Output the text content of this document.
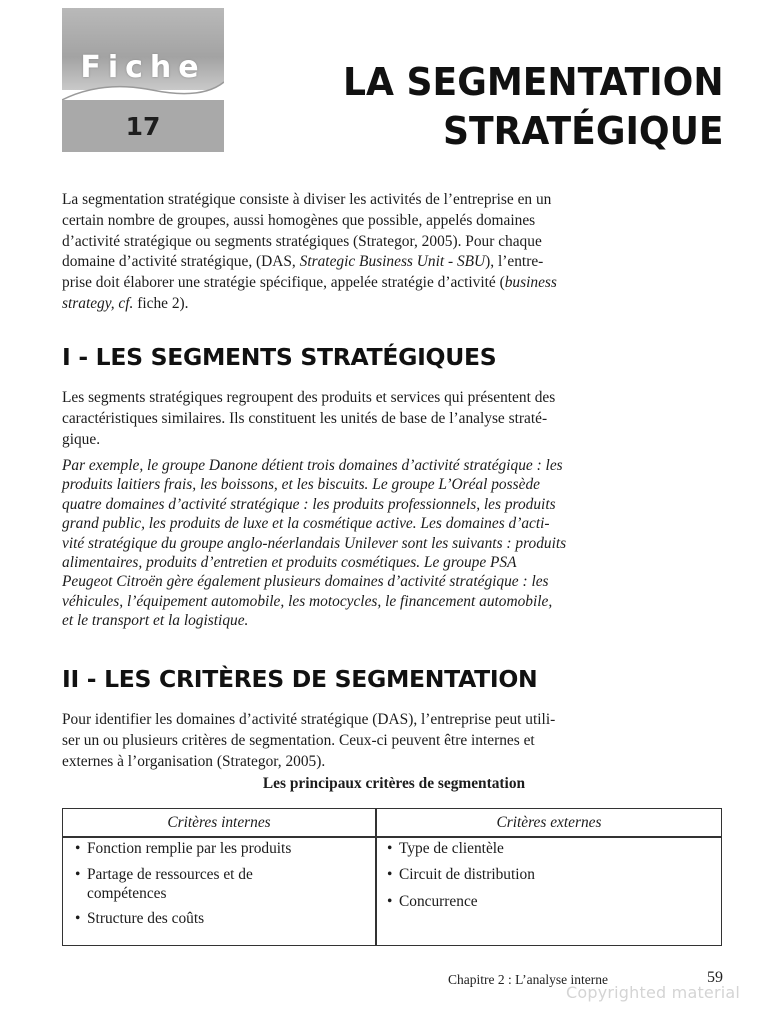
Fiche
17
LA SEGMENTATION
STRATÉGIQUE
La segmentation stratégique consiste à diviser les activités de l’entreprise en un
certain nombre de groupes, aussi homogènes que possible, appelés domaines
d’activité stratégique ou segments stratégiques (Strategor, 2005). Pour chaque
domaine d’activité stratégique, (DAS, Strategic Business Unit - SBU), l’entre-
prise doit élaborer une stratégie spécifique, appelée stratégie d’activité (business
strategy, cf. fiche 2).
I - LES SEGMENTS STRATÉGIQUES
Les segments stratégiques regroupent des produits et services qui présentent des
caractéristiques similaires. Ils constituent les unités de base de l’analyse straté-
gique.
Par exemple, le groupe Danone détient trois domaines d’activité stratégique : les
produits laitiers frais, les boissons, et les biscuits. Le groupe L’Oréal possède
quatre domaines d’activité stratégique : les produits professionnels, les produits
grand public, les produits de luxe et la cosmétique active. Les domaines d’acti-
vité stratégique du groupe anglo-néerlandais Unilever sont les suivants : produits
alimentaires, produits d’entretien et produits cosmétiques. Le groupe PSA
Peugeot Citroën gère également plusieurs domaines d’activité stratégique : les
véhicules, l’équipement automobile, les motocycles, le financement automobile,
et le transport et la logistique.
II - LES CRITÈRES DE SEGMENTATION
Pour identifier les domaines d’activité stratégique (DAS), l’entreprise peut utili-
ser un ou plusieurs critères de segmentation. Ceux-ci peuvent être internes et
externes à l’organisation (Strategor, 2005).
Les principaux critères de segmentation
Critères internes	Critères externes
• Fonction remplie par les produits
• Partage de ressources et de
compétences
• Structure des coûts
• Type de clientèle
• Circuit de distribution
• Concurrence
Chapitre 2 : L’analyse interne	59
Copyrighted material
